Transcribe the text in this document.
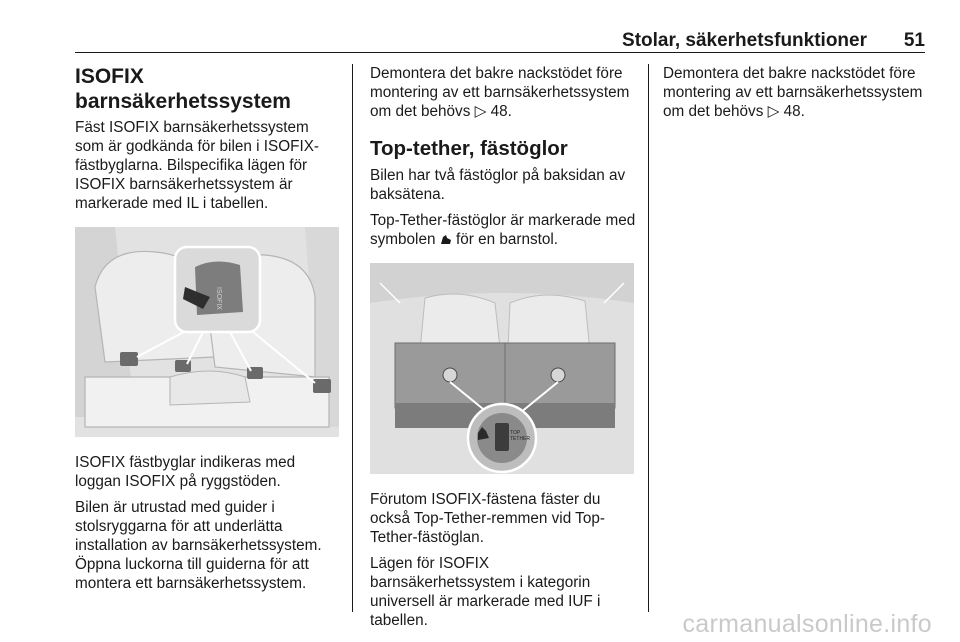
Stolar, säkerhetsfunktioner 51
ISOFIX
barnsäkerhetssystem

Fäst ISOFIX barnsäkerhetssystem som är godkända för bilen i ISOFIX-fästbyglarna. Bilspecifika lägen för ISOFIX barnsäkerhetssystem är markerade med IL i tabellen.

ISOFIX

ISOFIX fästbyglar indikeras med loggan ISOFIX på ryggstöden.

Bilen är utrustad med guider i stolsryggarna för att underlätta installation av barnsäkerhetssystem. Öppna luckorna till guiderna för att montera ett barnsäkerhetssystem.

Demontera det bakre nackstödet före montering av ett barnsäkerhetssystem om det behövs ▷ 48.

Top-tether, fästöglor

Bilen har två fästöglor på baksidan av baksätena.

Top-Tether-fästöglor är markerade med symbolen  för en barnstol.

TOP
TETHER

Förutom ISOFIX-fästena fäster du också Top-Tether-remmen vid Top-Tether-fästöglan.

Lägen för ISOFIX barnsäkerhetssystem i kategorin universell är markerade med IUF i tabellen.

Demontera det bakre nackstödet före montering av ett barnsäkerhetssystem om det behövs ▷ 48.

carmanualsonline.info
